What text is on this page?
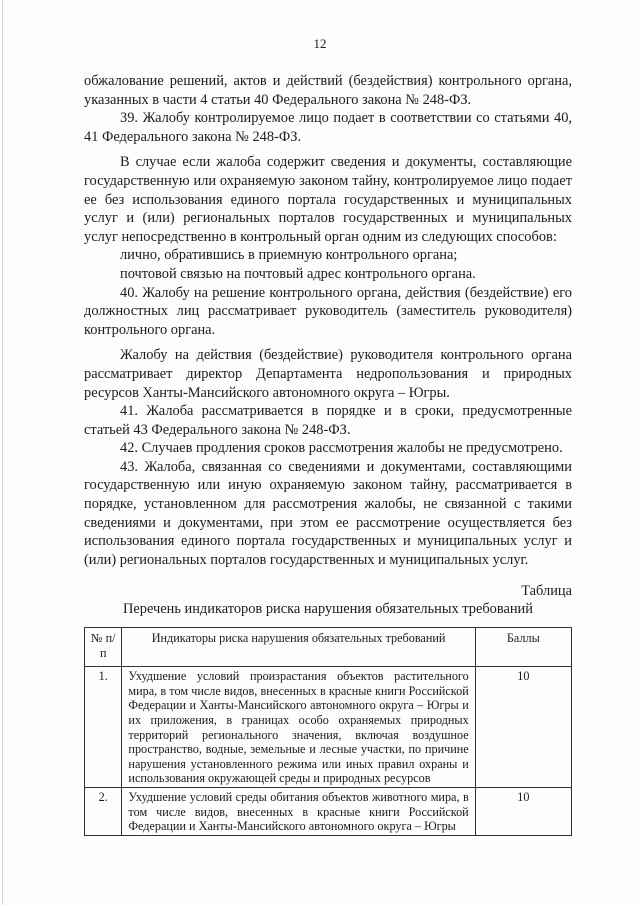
12

обжалование решений, актов и действий (бездействия) контрольного органа, указанных в части 4 статьи 40 Федерального закона № 248-ФЗ.

39. Жалобу контролируемое лицо подает в соответствии со статьями 40, 41 Федерального закона № 248-ФЗ.

В случае если жалоба содержит сведения и документы, составляющие государственную или охраняемую законом тайну, контролируемое лицо подает ее без использования единого портала государственных и муниципальных услуг и (или) региональных порталов государственных и муниципальных услуг непосредственно в контрольный орган одним из следующих способов:

лично, обратившись в приемную контрольного органа;

почтовой связью на почтовый адрес контрольного органа.

40. Жалобу на решение контрольного органа, действия (бездействие) его должностных лиц рассматривает руководитель (заместитель руководителя) контрольного органа.

Жалобу на действия (бездействие) руководителя контрольного органа рассматривает директор Департамента недропользования и природных ресурсов Ханты-Мансийского автономного округа – Югры.

41. Жалоба рассматривается в порядке и в сроки, предусмотренные статьей 43 Федерального закона № 248-ФЗ.

42. Случаев продления сроков рассмотрения жалобы не предусмотрено.

43. Жалоба, связанная со сведениями и документами, составляющими государственную или иную охраняемую законом тайну, рассматривается в порядке, установленном для рассмотрения жалобы, не связанной с такими сведениями и документами, при этом ее рассмотрение осуществляется без использования единого портала государственных и муниципальных услуг и (или) региональных порталов государственных и муниципальных услуг.

Таблица
Перечень индикаторов риска нарушения обязательных требований
№ п/п	Индикаторы риска нарушения обязательных требований	Баллы
1.	Ухудшение условий произрастания объектов растительного мира, в том числе видов, внесенных в красные книги Российской Федерации и Ханты-Мансийского автономного округа – Югры и их приложения, в границах особо охраняемых природных территорий регионального значения, включая воздушное пространство, водные, земельные и лесные участки, по причине нарушения установленного режима или иных правил охраны и использования окружающей среды и природных ресурсов	10
2.	Ухудшение условий среды обитания объектов животного мира, в том числе видов, внесенных в красные книги Российской Федерации и Ханты-Мансийского автономного округа – Югры	10
